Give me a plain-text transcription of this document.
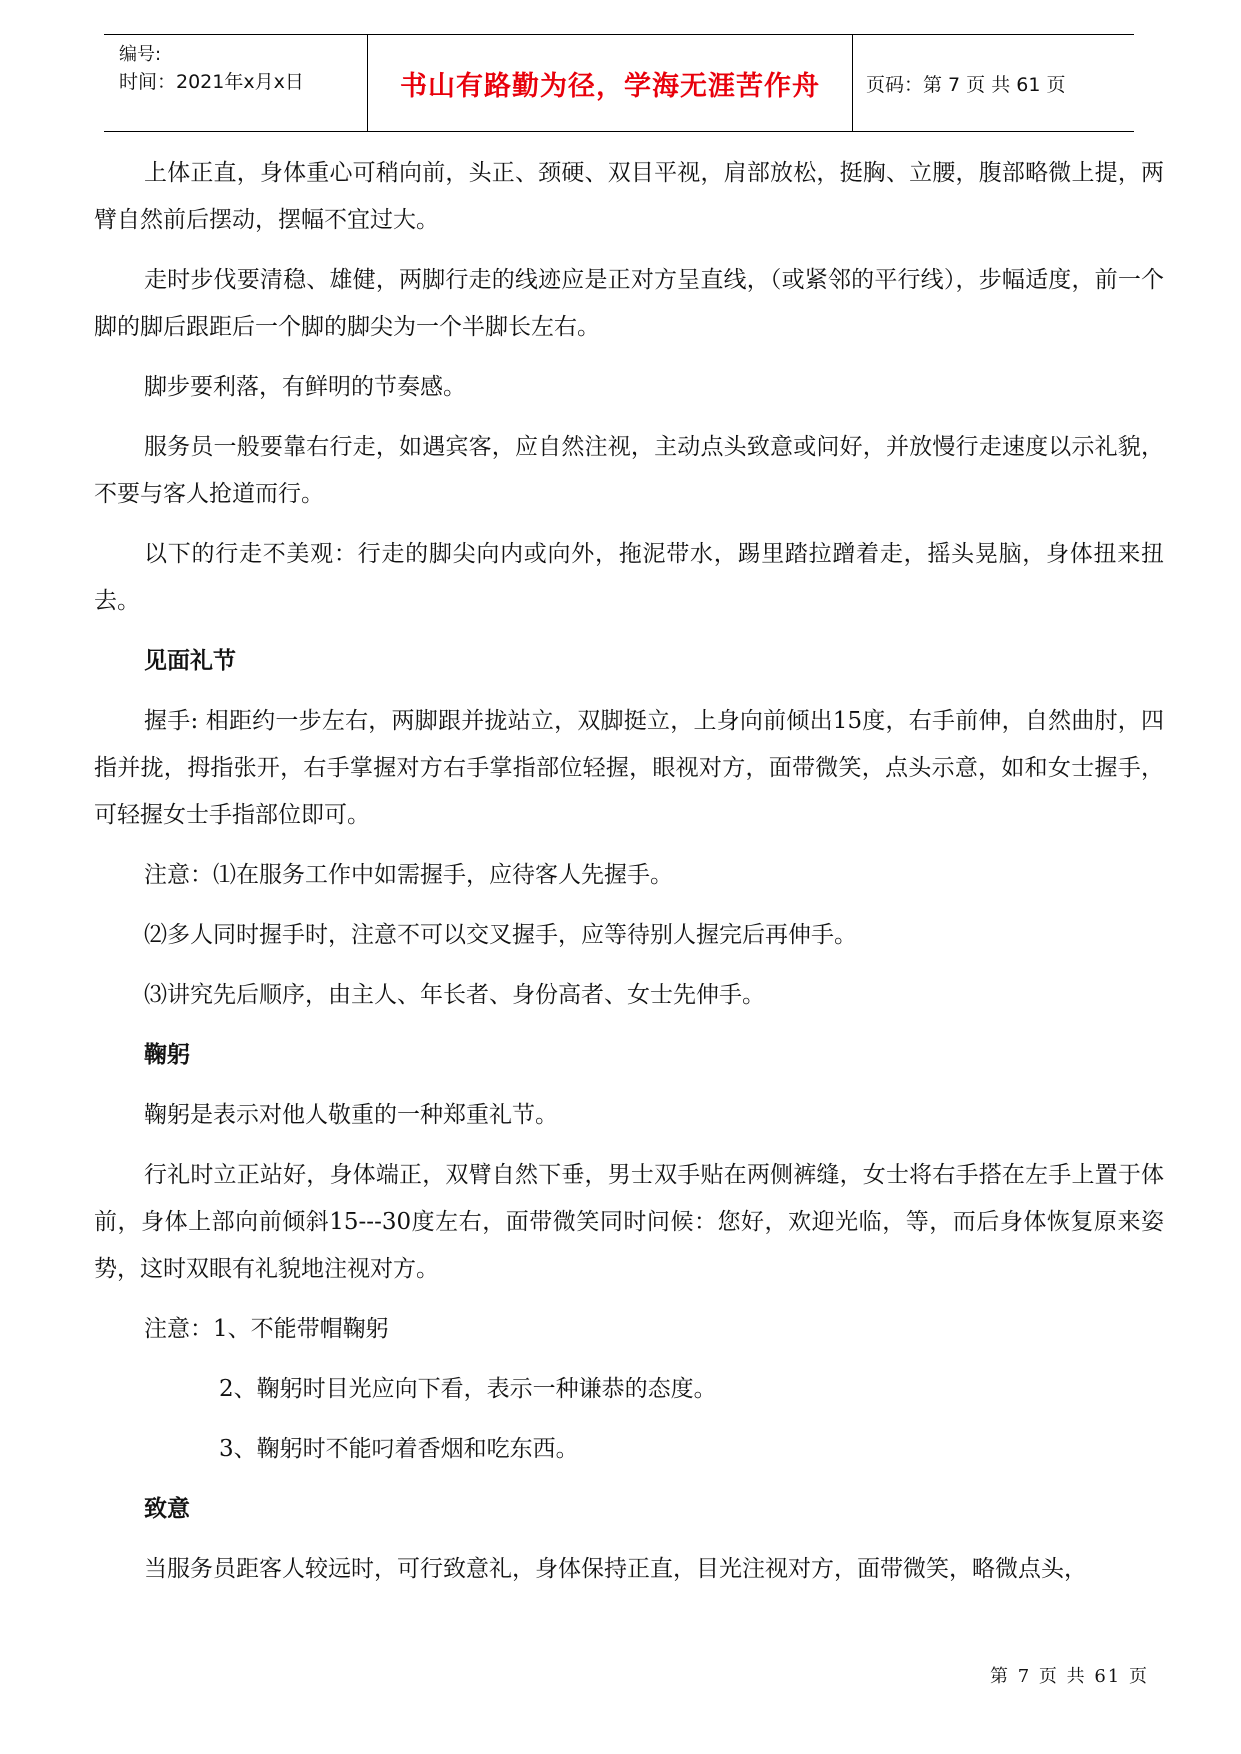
编号:
时间：2021年x月x日	书山有路勤为径，学海无涯苦作舟 页码：第 7 页 共 61 页

上体正直，身体重心可稍向前，头正、颈硬、双目平视，肩部放松，挺胸、立腰，腹部略微上提，两臂自然前后摆动，摆幅不宜过大。

走时步伐要清稳、雄健，两脚行走的线迹应是正对方呈直线，（或紧邻的平行线），步幅适度，前一个脚的脚后跟距后一个脚的脚尖为一个半脚长左右。

脚步要利落，有鲜明的节奏感。

服务员一般要靠右行走，如遇宾客，应自然注视，主动点头致意或问好，并放慢行走速度以示礼貌，不要与客人抢道而行。

以下的行走不美观：行走的脚尖向内或向外，拖泥带水，踢里踏拉蹭着走，摇头晃脑，身体扭来扭去。

见面礼节

握手: 相距约一步左右，两脚跟并拢站立，双脚挺立，上身向前倾出15度，右手前伸，自然曲肘，四指并拢，拇指张开，右手掌握对方右手掌指部位轻握，眼视对方，面带微笑，点头示意，如和女士握手，可轻握女士手指部位即可。

注意：⑴在服务工作中如需握手，应待客人先握手。

⑵多人同时握手时，注意不可以交叉握手，应等待别人握完后再伸手。

⑶讲究先后顺序，由主人、年长者、身份高者、女士先伸手。

鞠躬

鞠躬是表示对他人敬重的一种郑重礼节。

行礼时立正站好，身体端正，双臂自然下垂，男士双手贴在两侧裤缝，女士将右手搭在左手上置于体前，身体上部向前倾斜15---30度左右，面带微笑同时问候：您好，欢迎光临，等，而后身体恢复原来姿势，这时双眼有礼貌地注视对方。

注意：1、不能带帽鞠躬

2、鞠躬时目光应向下看，表示一种谦恭的态度。

3、鞠躬时不能叼着香烟和吃东西。

致意

当服务员距客人较远时，可行致意礼，身体保持正直，目光注视对方，面带微笑，略微点头，

第 7 页 共 61 页
